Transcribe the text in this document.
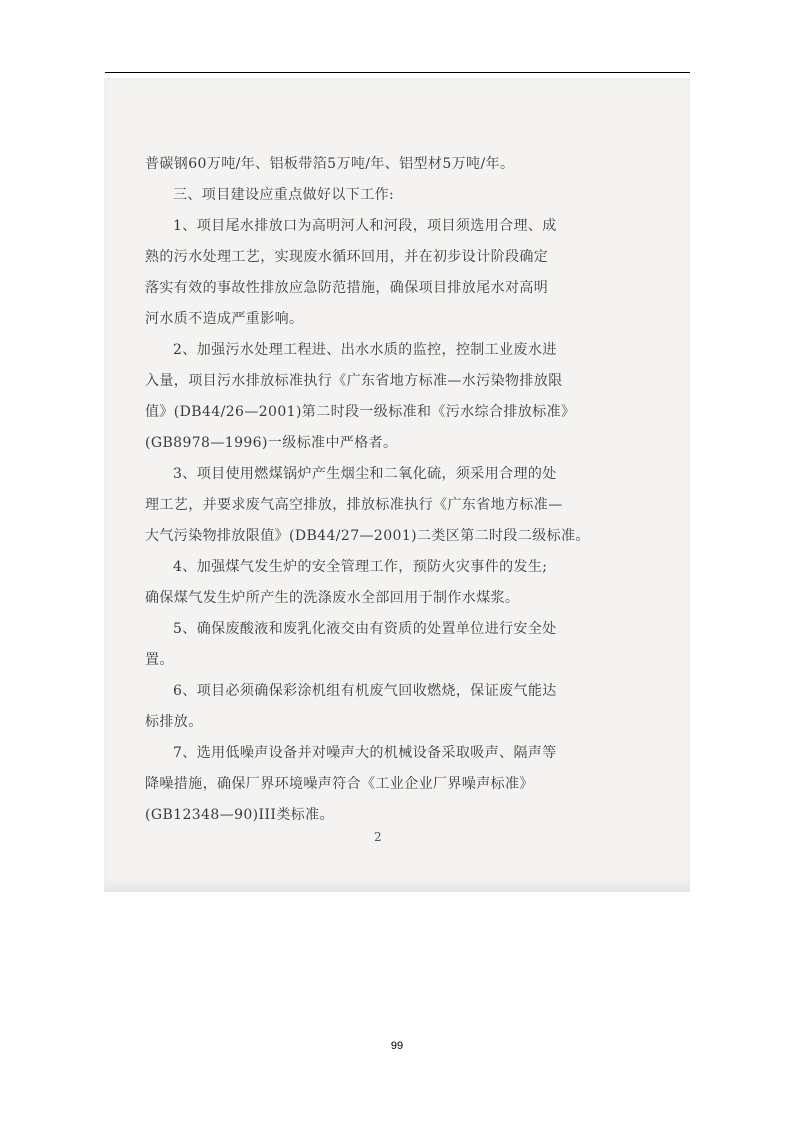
普碳钢60万吨/年、铝板带箔5万吨/年、铝型材5万吨/年。
三、项目建设应重点做好以下工作:
1、项目尾水排放口为高明河人和河段，项目须选用合理、成
熟的污水处理工艺，实现废水循环回用，并在初步设计阶段确定
落实有效的事故性排放应急防范措施，确保项目排放尾水对高明
河水质不造成严重影响。
2、加强污水处理工程进、出水水质的监控，控制工业废水进
入量，项目污水排放标准执行《广东省地方标准—水污染物排放限
值》(DB44/26—2001)第二时段一级标准和《污水综合排放标准》
(GB8978—1996)一级标准中严格者。
3、项目使用燃煤锅炉产生烟尘和二氧化硫，须采用合理的处
理工艺，并要求废气高空排放，排放标准执行《广东省地方标准—
大气污染物排放限值》(DB44/27—2001)二类区第二时段二级标准。
4、加强煤气发生炉的安全管理工作，预防火灾事件的发生;
确保煤气发生炉所产生的洗涤废水全部回用于制作水煤浆。
5、确保废酸液和废乳化液交由有资质的处置单位进行安全处
置。
6、项目必须确保彩涂机组有机废气回收燃烧，保证废气能达
标排放。
7、选用低噪声设备并对噪声大的机械设备采取吸声、隔声等
降噪措施，确保厂界环境噪声符合《工业企业厂界噪声标准》
(GB12348—90)III类标准。
2
99
